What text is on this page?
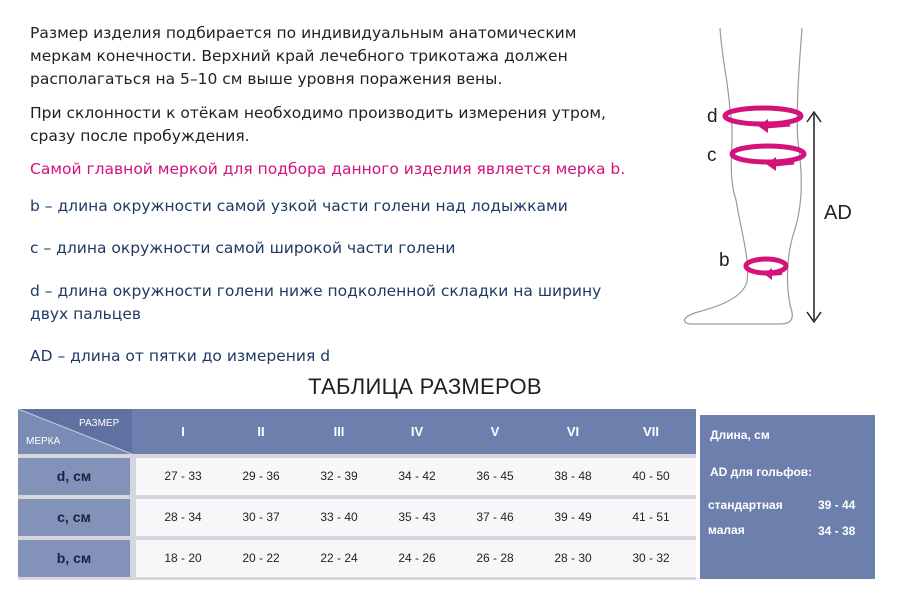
Размер изделия подбирается по индивидуальным анатомическим меркам конечности. Верхний край лечебного трикотажа должен располагаться на 5–10 см выше уровня поражения вены.

При склонности к отёкам необходимо производить измерения утром, сразу после пробуждения.

Самой главной меркой для подбора данного изделия является мерка b.

b – длина окружности самой узкой части голени над лодыжками

c – длина окружности самой широкой части голени

d – длина окружности голени ниже подколенной складки на ширину двух пальцев

AD – длина от пятки до измерения d

d
c
b
AD
ТАБЛИЦА РАЗМЕРОВ
РАЗМЕР
МЕРКА
I	II	III	IV	V	VI	VII
d, см	27 - 33	29 - 36	32 - 39	34 - 42	36 - 45	38 - 48	40 - 50
c, см	28 - 34	30 - 37	33 - 40	35 - 43	37 - 46	39 - 49	41 - 51
b, см	18 - 20	20 - 22	22 - 24	24 - 26	26 - 28	28 - 30	30 - 32
Длина, см
AD для гольфов:
стандартная	39 - 44
малая	34 - 38
